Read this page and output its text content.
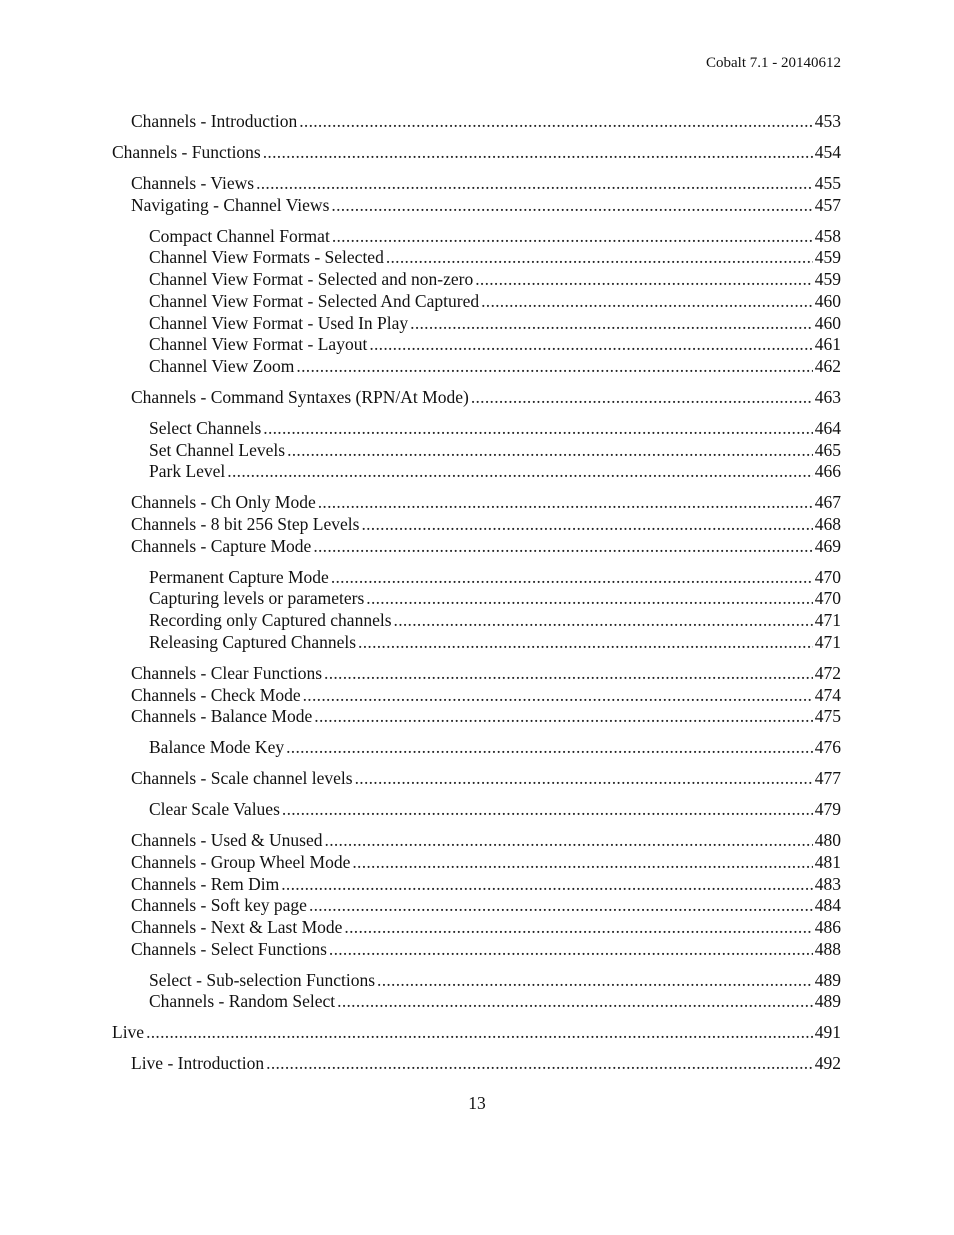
Cobalt 7.1 - 20140612
Channels - Introduction .....	453
Channels - Functions .....	454
Channels - Views .....	455
Navigating - Channel Views .....	457
Compact Channel Format .....	458
Channel View Formats - Selected .....	459
Channel View Format - Selected and non-zero .....	459
Channel View Format - Selected And Captured .....	460
Channel View Format - Used In Play .....	460
Channel View Format - Layout .....	461
Channel View Zoom .....	462
Channels - Command Syntaxes (RPN/At Mode) .....	463
Select Channels .....	464
Set Channel Levels .....	465
Park Level .....	466
Channels - Ch Only Mode .....	467
Channels - 8 bit 256 Step Levels .....	468
Channels - Capture Mode .....	469
Permanent Capture Mode .....	470
Capturing levels or parameters .....	470
Recording only Captured channels .....	471
Releasing Captured Channels .....	471
Channels - Clear Functions .....	472
Channels - Check Mode .....	474
Channels - Balance Mode .....	475
Balance Mode Key .....	476
Channels - Scale channel levels .....	477
Clear Scale Values .....	479
Channels - Used & Unused .....	480
Channels - Group Wheel Mode .....	481
Channels - Rem Dim .....	483
Channels - Soft key page .....	484
Channels - Next & Last Mode .....	486
Channels - Select Functions .....	488
Select - Sub-selection Functions .....	489
Channels - Random Select .....	489
Live .....	491
Live - Introduction .....	492
13
